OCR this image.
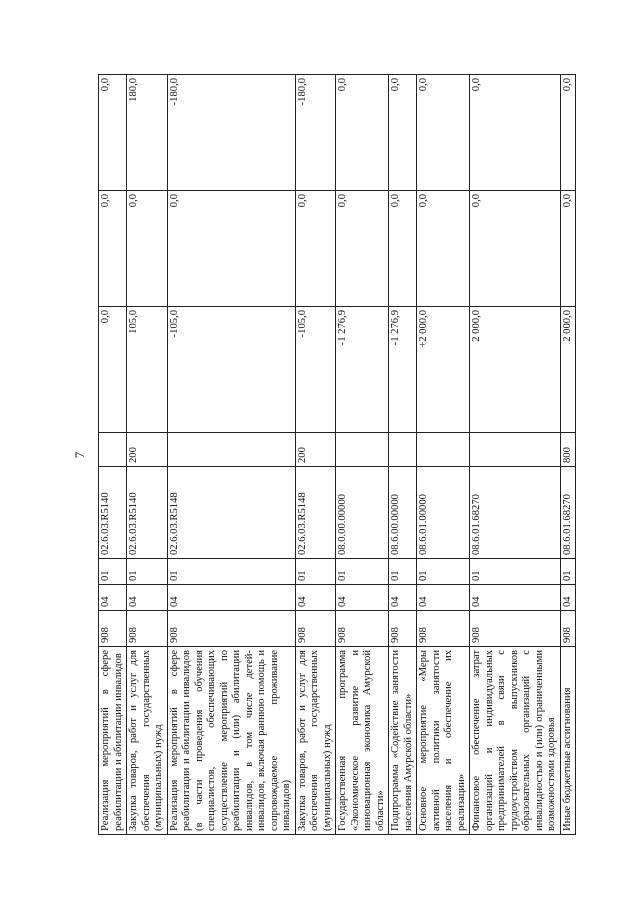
7
Реализация мероприятий в сфере реабилитации и абилитации инвалидов	908	04	01	02.6.03.R5140		0,0	0,0	0,0
Закупка товаров, работ и услуг для обеспечения государственных (муниципальных) нужд	908	04	01	02.6.03.R5140	200	105,0	0,0	180,0
Реализация мероприятий в сфере реабилитации и абилитации инвалидов (в части проведения обучения специалистов, обеспечивающих осуществление мероприятий по реабилитации и (или) абилитации инвалидов, в том числе детей-инвалидов, включая раннюю помощь и сопровождаемое проживание инвалидов)	908	04	01	02.6.03.R5148		-105,0	0,0	-180,0
Закупка товаров, работ и услуг для обеспечения государственных (муниципальных) нужд	908	04	01	02.6.03.R5148	200	-105,0	0,0	-180,0
Государственная программа «Экономическое развитие и инновационная экономика Амурской области»	908	04	01	08.0.00.00000		-1 276,9	0,0	0,0
Подпрограмма «Содействие занятости населения Амурской области»	908	04	01	08.6.00.00000		-1 276,9	0,0	0,0
Основное мероприятие «Меры активной политики занятости населения и обеспечение их реализации»	908	04	01	08.6.01.00000		+2 000,0	0,0	0,0
Финансовое обеспечение затрат организаций и индивидуальных предпринимателей в связи с трудоустройством выпускников образовательных организаций с инвалидностью и (или) ограниченными возможностями здоровья	908	04	01	08.6.01.68270		2 000,0	0,0	0,0
Иные бюджетные ассигнования	908	04	01	08.6.01.68270	800	2 000,0	0,0	0,0
